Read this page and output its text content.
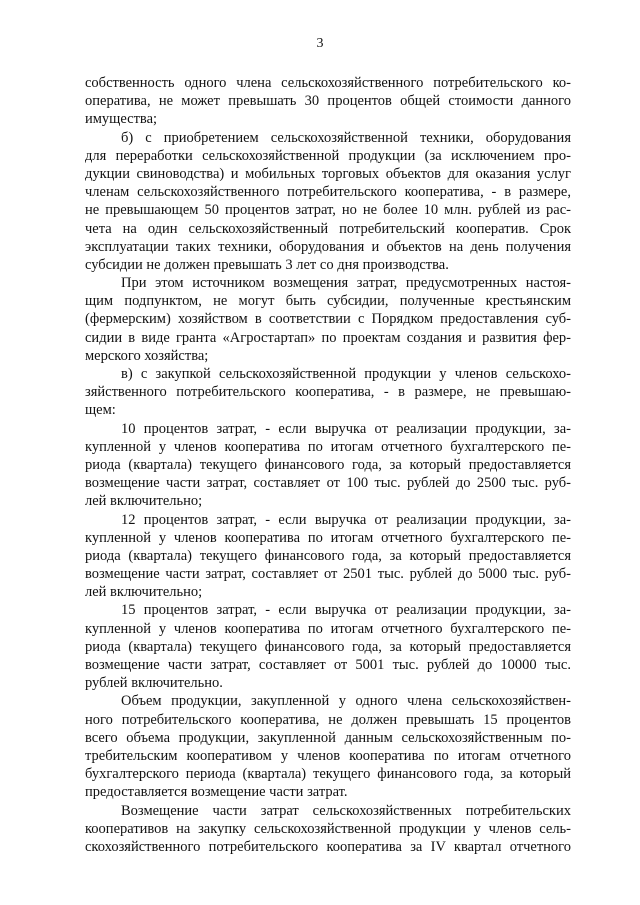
3
собственность одного члена сельскохозяйственного потребительского ко-
оператива, не может превышать 30 процентов общей стоимости данного
имущества;
б) с приобретением сельскохозяйственной техники, оборудования
для переработки сельскохозяйственной продукции (за исключением про-
дукции свиноводства) и мобильных торговых объектов для оказания услуг
членам сельскохозяйственного потребительского кооператива, - в размере,
не превышающем 50 процентов затрат, но не более 10 млн. рублей из рас-
чета на один сельскохозяйственный потребительский кооператив. Срок
эксплуатации таких техники, оборудования и объектов на день получения
субсидии не должен превышать 3 лет со дня производства.
При этом источником возмещения затрат, предусмотренных настоя-
щим подпунктом, не могут быть субсидии, полученные крестьянским
(фермерским) хозяйством в соответствии с Порядком предоставления суб-
сидии в виде гранта «Агростартап» по проектам создания и развития фер-
мерского хозяйства;
в) с закупкой сельскохозяйственной продукции у членов сельскохо-
зяйственного потребительского кооператива, - в размере, не превышаю-
щем:
10 процентов затрат, - если выручка от реализации продукции, за-
купленной у членов кооператива по итогам отчетного бухгалтерского пе-
риода (квартала) текущего финансового года, за который предоставляется
возмещение части затрат, составляет от 100 тыс. рублей до 2500 тыс. руб-
лей включительно;
12 процентов затрат, - если выручка от реализации продукции, за-
купленной у членов кооператива по итогам отчетного бухгалтерского пе-
риода (квартала) текущего финансового года, за который предоставляется
возмещение части затрат, составляет от 2501 тыс. рублей до 5000 тыс. руб-
лей включительно;
15 процентов затрат, - если выручка от реализации продукции, за-
купленной у членов кооператива по итогам отчетного бухгалтерского пе-
риода (квартала) текущего финансового года, за который предоставляется
возмещение части затрат, составляет от 5001 тыс. рублей до 10000 тыс.
рублей включительно.
Объем продукции, закупленной у одного члена сельскохозяйствен-
ного потребительского кооператива, не должен превышать 15 процентов
всего объема продукции, закупленной данным сельскохозяйственным по-
требительским кооперативом у членов кооператива по итогам отчетного
бухгалтерского периода (квартала) текущего финансового года, за который
предоставляется возмещение части затрат.
Возмещение части затрат сельскохозяйственных потребительских
кооперативов на закупку сельскохозяйственной продукции у членов сель-
скохозяйственного потребительского кооператива за IV квартал отчетного
